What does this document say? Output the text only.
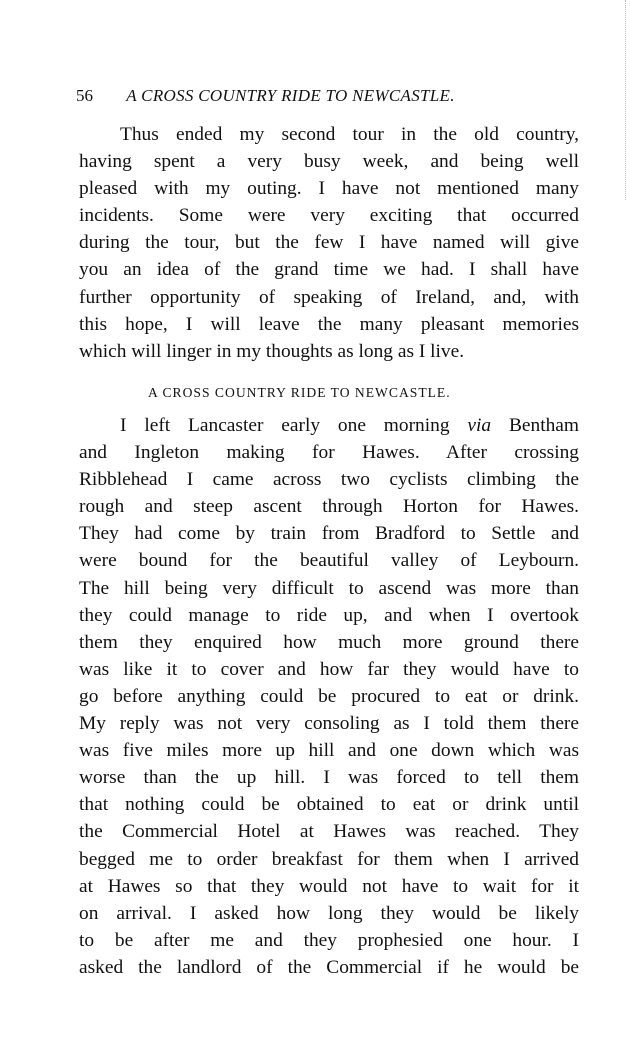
56 A CROSS COUNTRY RIDE TO NEWCASTLE.
Thus ended my second tour in the old country,
having spent a very busy week, and being well
pleased with my outing. I have not mentioned many
incidents. Some were very exciting that occurred
during the tour, but the few I have named will give
you an idea of the grand time we had. I shall have
further opportunity of speaking of Ireland, and, with
this hope, I will leave the many pleasant memories
which will linger in my thoughts as long as I live.
A CROSS COUNTRY RIDE TO NEWCASTLE.
I left Lancaster early one morning via Bentham
and Ingleton making for Hawes. After crossing
Ribblehead I came across two cyclists climbing the
rough and steep ascent through Horton for Hawes.
They had come by train from Bradford to Settle and
were bound for the beautiful valley of Leybourn.
The hill being very difficult to ascend was more than
they could manage to ride up, and when I overtook
them they enquired how much more ground there
was like it to cover and how far they would have to
go before anything could be procured to eat or drink.
My reply was not very consoling as I told them there
was five miles more up hill and one down which was
worse than the up hill. I was forced to tell them
that nothing could be obtained to eat or drink until
the Commercial Hotel at Hawes was reached. They
begged me to order breakfast for them when I arrived
at Hawes so that they would not have to wait for it
on arrival. I asked how long they would be likely
to be after me and they prophesied one hour. I
asked the landlord of the Commercial if he would be
